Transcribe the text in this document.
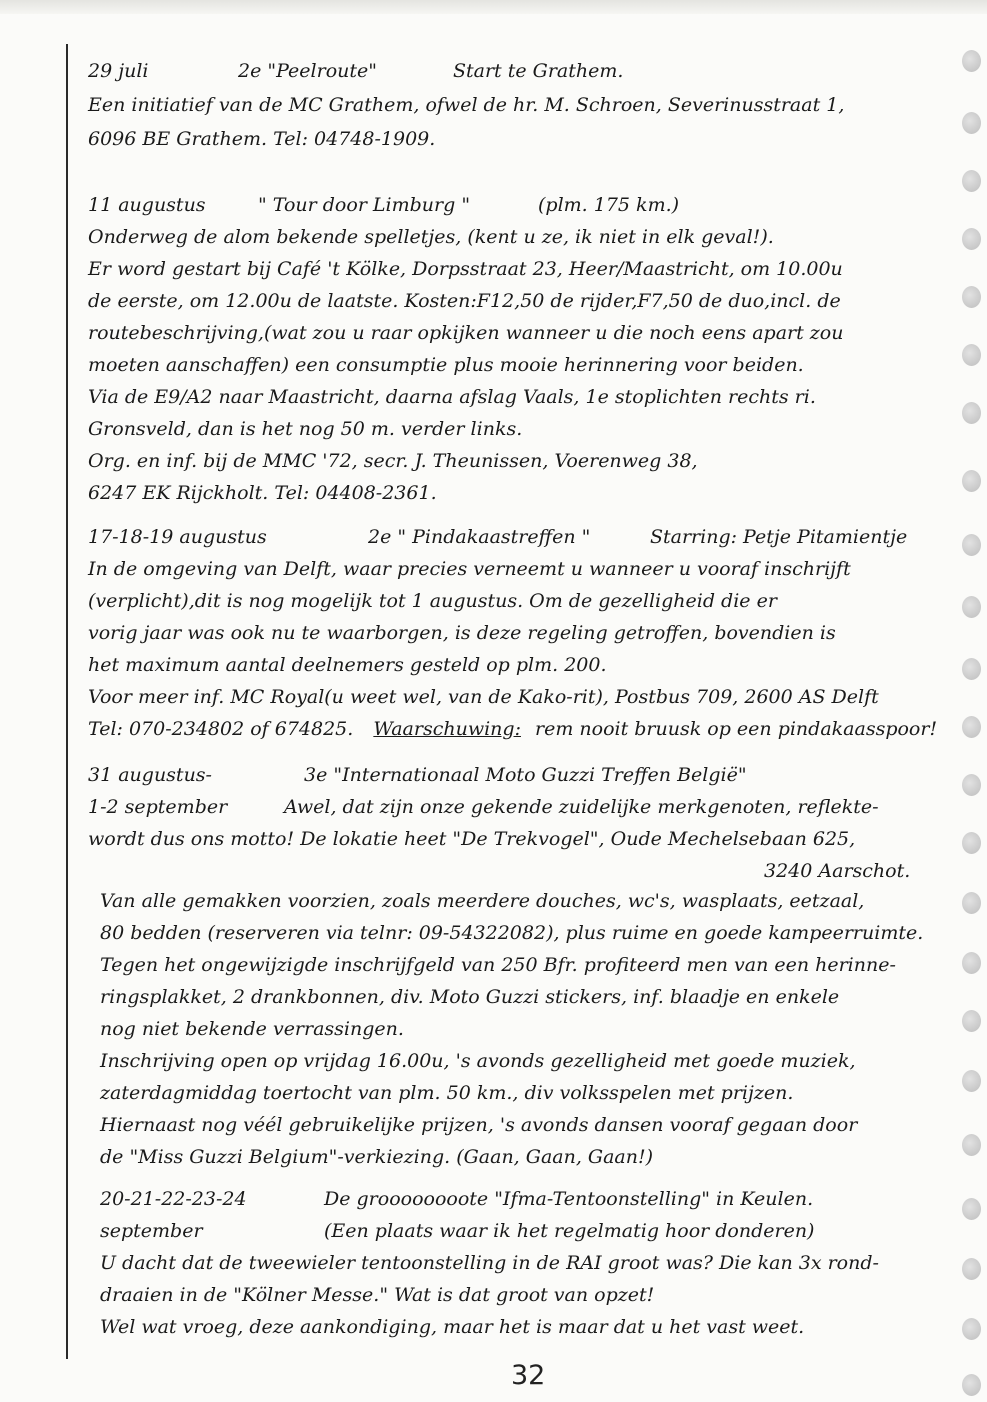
29 juli	2e "Peelroute"	Start te Grathem.
Een initiatief van de MC Grathem, ofwel de hr. M. Schroen, Severinusstraat 1,
6096 BE Grathem. Tel: 04748-1909.
11 augustus	" Tour door Limburg "	(plm. 175 km.)
Onderweg de alom bekende spelletjes, (kent u ze, ik niet in elk geval!).
Er word gestart bij Café 't Kölke, Dorpsstraat 23, Heer/Maastricht, om 10.00u
de eerste, om 12.00u de laatste. Kosten:F12,50 de rijder,F7,50 de duo,incl. de
routebeschrijving,(wat zou u raar opkijken wanneer u die noch eens apart zou
moeten aanschaffen) een consumptie plus mooie herinnering voor beiden.
Via de E9/A2 naar Maastricht, daarna afslag Vaals, 1e stoplichten rechts ri.
Gronsveld, dan is het nog 50 m. verder links.
Org. en inf. bij de MMC '72, secr. J. Theunissen, Voerenweg 38,
6247 EK Rijckholt. Tel: 04408-2361.
17-18-19 augustus	2e " Pindakaastreffen "	Starring: Petje Pitamientje
In de omgeving van Delft, waar precies verneemt u wanneer u vooraf inschrijft
(verplicht),dit is nog mogelijk tot 1 augustus. Om de gezelligheid die er
vorig jaar was ook nu te waarborgen, is deze regeling getroffen, bovendien is
het maximum aantal deelnemers gesteld op plm. 200.
Voor meer inf. MC Royal(u weet wel, van de Kako-rit), Postbus 709, 2600 AS Delft
Tel: 070-234802 of 674825. Waarschuwing: rem nooit bruusk op een pindakaasspoor!
31 augustus-	3e "Internationaal Moto Guzzi Treffen België"
1-2 september	Awel, dat zijn onze gekende zuidelijke merkgenoten, reflekte-
wordt dus ons motto! De lokatie heet "De Trekvogel", Oude Mechelsebaan 625,
3240 Aarschot.
Van alle gemakken voorzien, zoals meerdere douches, wc's, wasplaats, eetzaal,
80 bedden (reserveren via telnr: 09-54322082), plus ruime en goede kampeerruimte.
Tegen het ongewijzigde inschrijfgeld van 250 Bfr. profiteerd men van een herinne-
ringsplakket, 2 drankbonnen, div. Moto Guzzi stickers, inf. blaadje en enkele
nog niet bekende verrassingen.
Inschrijving open op vrijdag 16.00u, 's avonds gezelligheid met goede muziek,
zaterdagmiddag toertocht van plm. 50 km., div volksspelen met prijzen.
Hiernaast nog véél gebruikelijke prijzen, 's avonds dansen vooraf gegaan door
de "Miss Guzzi Belgium"-verkiezing. (Gaan, Gaan, Gaan!)
20-21-22-23-24	De groooooooote "Ifma-Tentoonstelling" in Keulen.
september	(Een plaats waar ik het regelmatig hoor donderen)
U dacht dat de tweewieler tentoonstelling in de RAI groot was? Die kan 3x rond-
draaien in de "Kölner Messe." Wat is dat groot van opzet!
Wel wat vroeg, deze aankondiging, maar het is maar dat u het vast weet.
32
